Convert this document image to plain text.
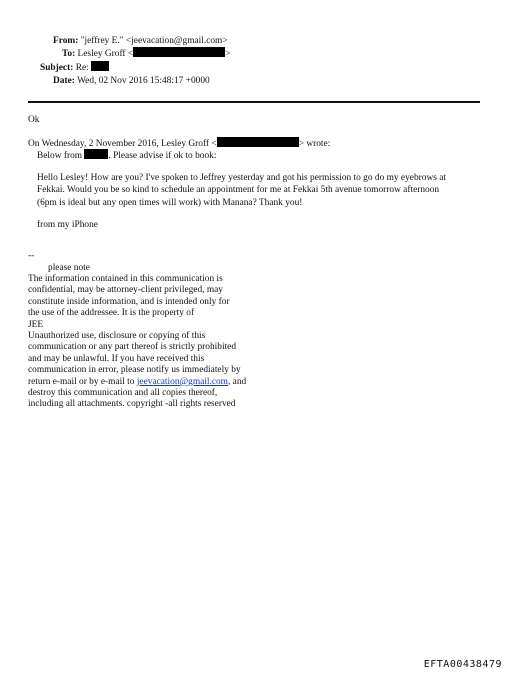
From: "jeffrey E." <jeevacation@gmail.com>
To: Lesley Groff <	>
Subject: Re:
Date: Wed, 02 Nov 2016 15:48:17 +0000
Ok
On Wednesday, 2 November 2016, Lesley Groff <	> wrote:
Below from	. Please advise if ok to book:
Hello Lesley! How are you? I've spoken to Jeffrey yesterday and got his permission to go do my eyebrows at
Fekkai. Would you be so kind to schedule an appointment for me at Fekkai 5th avenue tomorrow afternoon
(6pm is ideal but any open times will work) with Manana? Thank you!
from my iPhone
--
please note
The information contained in this communication is
confidential, may be attorney-client privileged, may
constitute inside information, and is intended only for
the use of the addressee. It is the property of
JEE
Unauthorized use, disclosure or copying of this
communication or any part thereof is strictly prohibited
and may be unlawful. If you have received this
communication in error, please notify us immediately by
return e-mail or by e-mail to jeevacation@gmail.com, and
destroy this communication and all copies thereof,
including all attachments. copyright -all rights reserved
EFTA00438479
